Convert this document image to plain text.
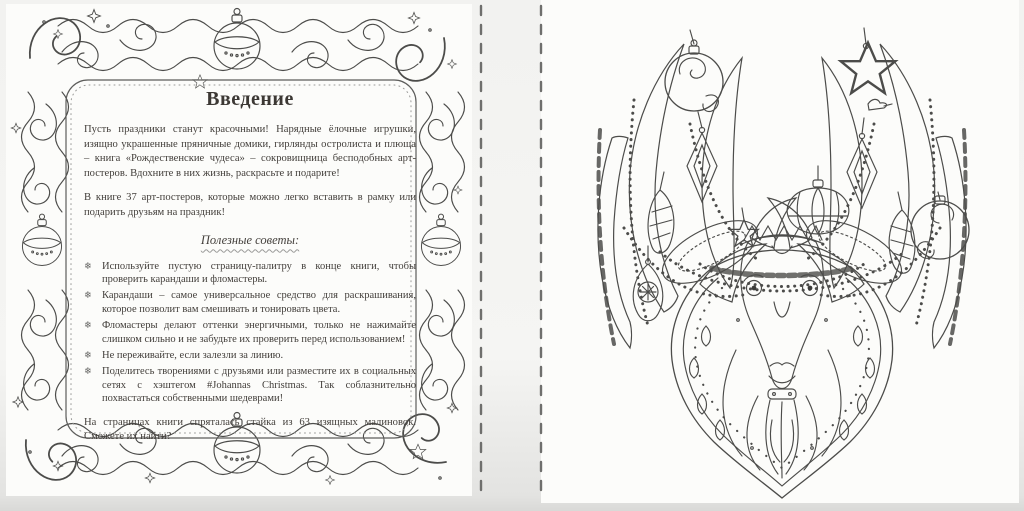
Введение

Пусть праздники станут красочными! Нарядные ёлочные игрушки, изящно украшенные пряничные домики, гирлянды остролиста и плюща – книга «Рождественские чудеса» – сокровищница бесподобных арт-постеров. Вдохните в них жизнь, раскрасьте и подарите!

В книге 37 арт-постеров, которые можно легко вставить в рамку или подарить друзьям на праздник!

Полезные советы:
❄ Используйте пустую страницу-палитру в конце книги, чтобы проверить карандаши и фломастеры.
❄ Карандаши – самое универсальное средство для раскрашивания, которое позволит вам смешивать и тонировать цвета.
❄ Фломастеры делают оттенки энергичными, только не нажимайте слишком сильно и не забудьте их проверить перед использованием!
❄ Не переживайте, если залезли за линию.
❄ Поделитесь творениями с друзьями или разместите их в социальных сетях с хэштегом #Johannas Christmas. Так соблазнительно похвастаться собственными шедеврами!

На страницах книги спряталась стайка из 63 изящных малиновок. Сможете их найти?
